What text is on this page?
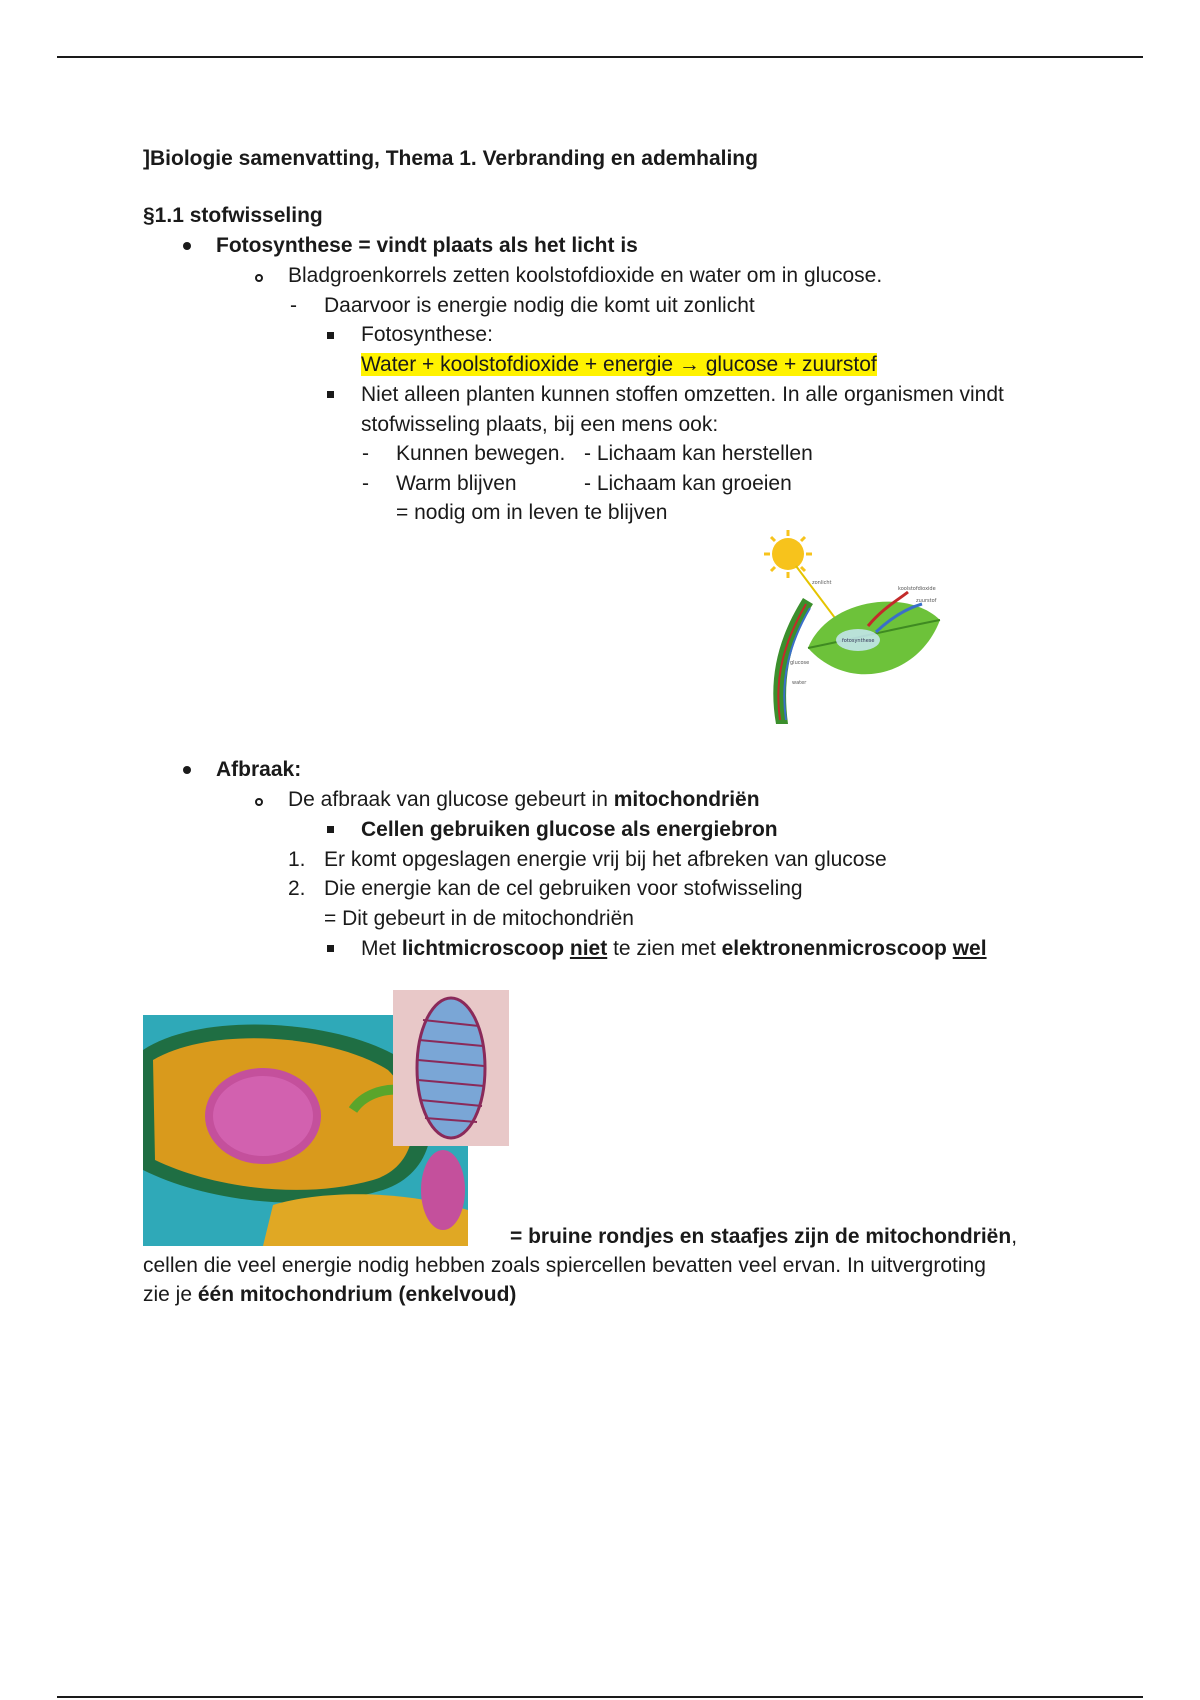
]Biologie samenvatting, Thema 1. Verbranding en ademhaling
§1.1 stofwisseling
Fotosynthese = vindt plaats als het licht is
Bladgroenkorrels zetten koolstofdioxide en water om in glucose.
- Daarvoor is energie nodig die komt uit zonlicht
Fotosynthese:
Water + koolstofdioxide + energie → glucose + zuurstof
Niet alleen planten kunnen stoffen omzetten. In alle organismen vindt
stofwisseling plaats, bij een mens ook:
- Kunnen bewegen. - Lichaam kan herstellen
- Warm blijven	- Lichaam kan groeien
= nodig om in leven te blijven
zonlicht
koolstofdioxide
zuurstof
fotosynthese
glucose
water
Afbraak:
De afbraak van glucose gebeurt in mitochondriën
Cellen gebruiken glucose als energiebron
1. Er komt opgeslagen energie vrij bij het afbreken van glucose
2. Die energie kan de cel gebruiken voor stofwisseling
= Dit gebeurt in de mitochondriën
Met lichtmicroscoop niet te zien met elektronenmicroscoop wel
= bruine rondjes en staafjes zijn de mitochondriën,
cellen die veel energie nodig hebben zoals spiercellen bevatten veel ervan. In uitvergroting
zie je één mitochondrium (enkelvoud)
